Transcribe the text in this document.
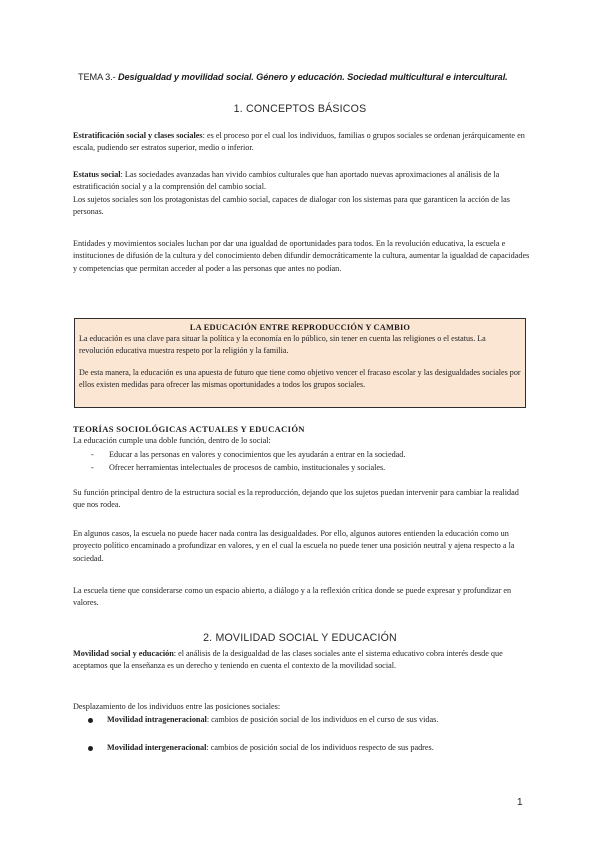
TEMA 3.- Desigualdad y movilidad social. Género y educación. Sociedad multicultural e intercultural.
1. CONCEPTOS BÁSICOS

Estratificación social y clases sociales: es el proceso por el cual los individuos, familias o grupos sociales se ordenan jerárquicamente en escala, pudiendo ser estratos superior, medio o inferior.

Estatus social: Las sociedades avanzadas han vivido cambios culturales que han aportado nuevas aproximaciones al análisis de la estratificación social y a la comprensión del cambio social.
Los sujetos sociales son los protagonistas del cambio social, capaces de dialogar con los sistemas para que garanticen la acción de las personas.

Entidades y movimientos sociales luchan por dar una igualdad de oportunidades para todos. En la revolución educativa, la escuela e instituciones de difusión de la cultura y del conocimiento deben difundir democráticamente la cultura, aumentar la igualdad de capacidades y competencias que permitan acceder al poder a las personas que antes no podían.

LA EDUCACIÓN ENTRE REPRODUCCIÓN Y CAMBIO

La educación es una clave para situar la política y la economía en lo público, sin tener en cuenta las religiones o el estatus. La revolución educativa muestra respeto por la religión y la familia.

De esta manera, la educación es una apuesta de futuro que tiene como objetivo vencer el fracaso escolar y las desigualdades sociales por ellos existen medidas para ofrecer las mismas oportunidades a todos los grupos sociales.

TEORÍAS SOCIOLÓGICAS ACTUALES Y EDUCACIÓN

La educación cumple una doble función, dentro de lo social:

- Educar a las personas en valores y conocimientos que les ayudarán a entrar en la sociedad.
- Ofrecer herramientas intelectuales de procesos de cambio, institucionales y sociales.

Su función principal dentro de la estructura social es la reproducción, dejando que los sujetos puedan intervenir para cambiar la realidad que nos rodea.

En algunos casos, la escuela no puede hacer nada contra las desigualdades. Por ello, algunos autores entienden la educación como un proyecto político encaminado a profundizar en valores, y en el cual la escuela no puede tener una posición neutral y ajena respecto a la sociedad.

La escuela tiene que considerarse como un espacio abierto, a diálogo y a la reflexión crítica donde se puede expresar y profundizar en valores.

2. MOVILIDAD SOCIAL Y EDUCACIÓN

Movilidad social y educación: el análisis de la desigualdad de las clases sociales ante el sistema educativo cobra interés desde que aceptamos que la enseñanza es un derecho y teniendo en cuenta el contexto de la movilidad social.

Desplazamiento de los individuos entre las posiciones sociales:

Movilidad intrageneracional: cambios de posición social de los individuos en el curso de sus vidas.
Movilidad intergeneracional: cambios de posición social de los individuos respecto de sus padres.
1
